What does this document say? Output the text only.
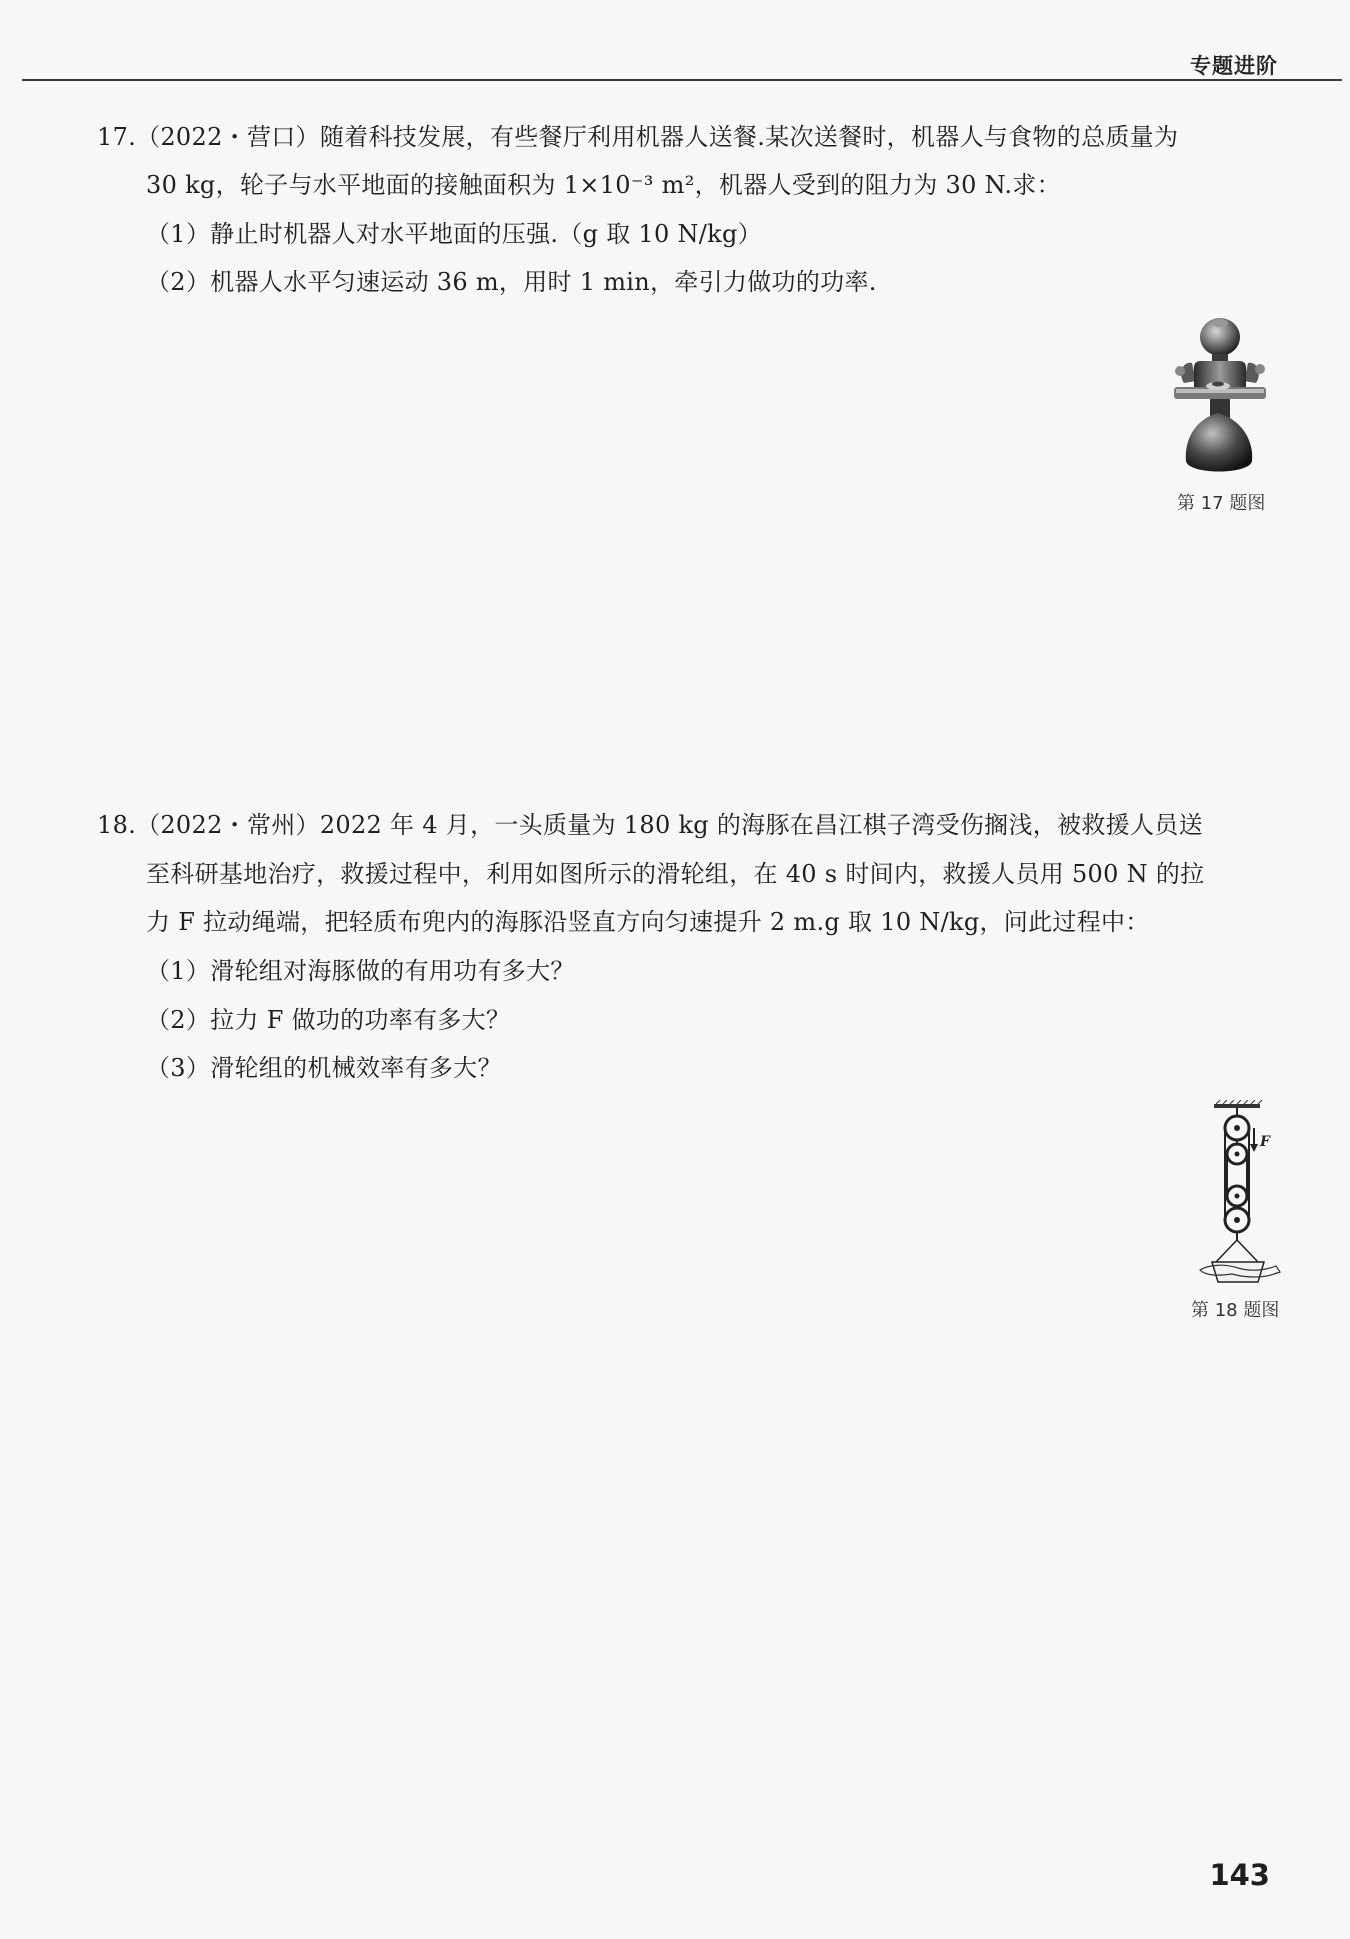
专题进阶
17.（2022・营口）随着科技发展，有些餐厅利用机器人送餐.某次送餐时，机器人与食物的总质量为
30 kg，轮子与水平地面的接触面积为 1×10⁻³ m²，机器人受到的阻力为 30 N.求：
（1）静止时机器人对水平地面的压强.（g 取 10 N/kg）
（2）机器人水平匀速运动 36 m，用时 1 min，牵引力做功的功率.
第 17 题图
18.（2022・常州）2022 年 4 月，一头质量为 180 kg 的海豚在昌江棋子湾受伤搁浅，被救援人员送
至科研基地治疗，救援过程中，利用如图所示的滑轮组，在 40 s 时间内，救援人员用 500 N 的拉
力 F 拉动绳端，把轻质布兜内的海豚沿竖直方向匀速提升 2 m.g 取 10 N/kg，问此过程中：
（1）滑轮组对海豚做的有用功有多大？
（2）拉力 F 做功的功率有多大？
（3）滑轮组的机械效率有多大？
F
第 18 题图
143
